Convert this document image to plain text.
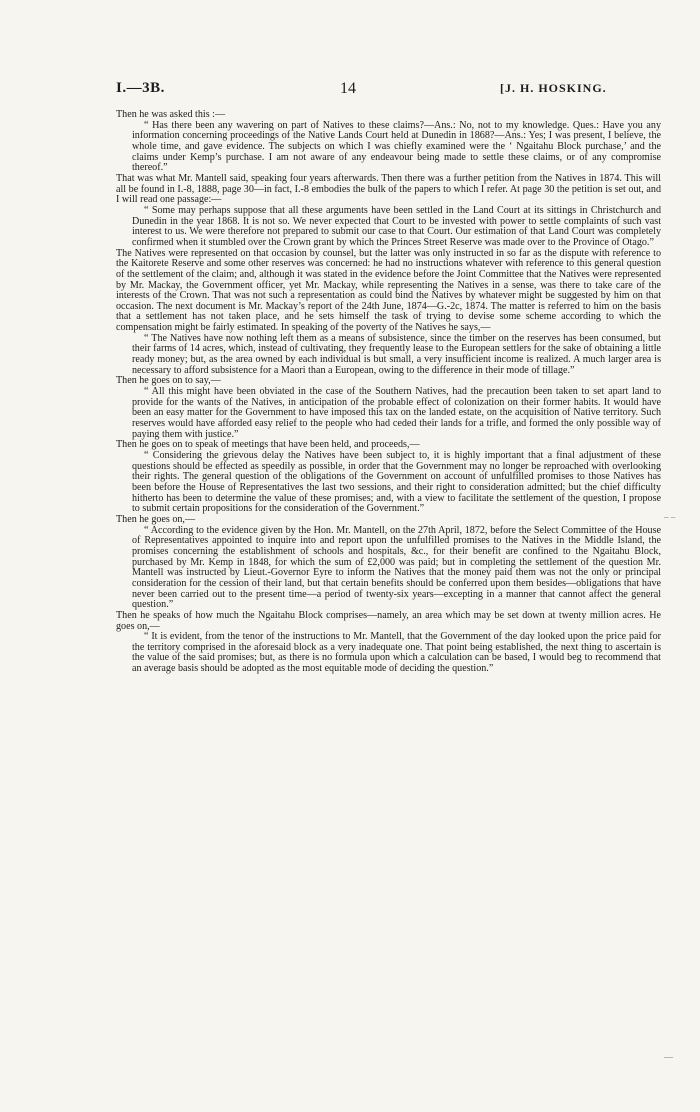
I.—3B.	14	[J. H. HOSKING.

Then he was asked this :—

“ Has there been any wavering on part of Natives to these claims?—Ans.: No, not to my knowledge. Ques.: Have you any information concerning proceedings of the Native Lands Court held at Dunedin in 1868?—Ans.: Yes; I was present, I believe, the whole time, and gave evidence. The subjects on which I was chiefly examined were the ‘ Ngaitahu Block purchase,’ and the claims under Kemp’s purchase. I am not aware of any endeavour being made to settle these claims, or of any compromise thereof.”

That was what Mr. Mantell said, speaking four years afterwards. Then there was a further petition from the Natives in 1874. This will all be found in I.-8, 1888, page 30—in fact, I.-8 embodies the bulk of the papers to which I refer. At page 30 the petition is set out, and I will read one passage:—

“ Some may perhaps suppose that all these arguments have been settled in the Land Court at its sittings in Christchurch and Dunedin in the year 1868. It is not so. We never expected that Court to be invested with power to settle complaints of such vast interest to us. We were therefore not prepared to submit our case to that Court. Our estimation of that Land Court was completely confirmed when it stumbled over the Crown grant by which the Princes Street Reserve was made over to the Province of Otago.”

The Natives were represented on that occasion by counsel, but the latter was only instructed in so far as the dispute with reference to the Kaitorete Reserve and some other reserves was concerned: he had no instructions whatever with reference to this general question of the settlement of the claim; and, although it was stated in the evidence before the Joint Committee that the Natives were represented by Mr. Mackay, the Government officer, yet Mr. Mackay, while representing the Natives in a sense, was there to take care of the interests of the Crown. That was not such a representation as could bind the Natives by whatever might be suggested by him on that occasion. The next document is Mr. Mackay’s report of the 24th June, 1874—G.-2c, 1874. The matter is referred to him on the basis that a settlement has not taken place, and he sets himself the task of trying to devise some scheme according to which the compensation might be fairly estimated. In speaking of the poverty of the Natives he says,—

“ The Natives have now nothing left them as a means of subsistence, since the timber on the reserves has been consumed, but their farms of 14 acres, which, instead of cultivating, they frequently lease to the European settlers for the sake of obtaining a little ready money; but, as the area owned by each individual is but small, a very insufficient income is realized. A much larger area is necessary to afford subsistence for a Maori than a European, owing to the difference in their mode of tillage.”

Then he goes on to say,—

“ All this might have been obviated in the case of the Southern Natives, had the precaution been taken to set apart land to provide for the wants of the Natives, in anticipation of the probable effect of colonization on their former habits. It would have been an easy matter for the Government to have imposed this tax on the landed estate, on the acquisition of Native territory. Such reserves would have afforded easy relief to the people who had ceded their lands for a trifle, and formed the only possible way of paying them with justice.”

Then he goes on to speak of meetings that have been held, and proceeds,—

“ Considering the grievous delay the Natives have been subject to, it is highly important that a final adjustment of these questions should be effected as speedily as possible, in order that the Government may no longer be reproached with overlooking their rights. The general question of the obligations of the Government on account of unfulfilled promises to those Natives has been before the House of Representatives the last two sessions, and their right to consideration admitted; but the chief difficulty hitherto has been to determine the value of these promises; and, with a view to facilitate the settlement of the question, I propose to submit certain propositions for the consideration of the Government.”

Then he goes on,—

“ According to the evidence given by the Hon. Mr. Mantell, on the 27th April, 1872, before the Select Committee of the House of Representatives appointed to inquire into and report upon the unfulfilled promises to the Natives in the Middle Island, the promises concerning the establishment of schools and hospitals, &c., for their benefit are confined to the Ngaitahu Block, purchased by Mr. Kemp in 1848, for which the sum of £2,000 was paid; but in completing the settlement of the question Mr. Mantell was instructed by Lieut.-Governor Eyre to inform the Natives that the money paid them was not the only or principal consideration for the cession of their land, but that certain benefits should be conferred upon them besides—obligations that have never been carried out to the present time—a period of twenty-six years—excepting in a manner that cannot affect the general question.”

Then he speaks of how much the Ngaitahu Block comprises—namely, an area which may be set down at twenty million acres. He goes on,—

“ It is evident, from the tenor of the instructions to Mr. Mantell, that the Government of the day looked upon the price paid for the territory comprised in the aforesaid block as a very inadequate one. That point being established, the next thing to ascertain is the value of the said promises; but, as there is no formula upon which a calculation can be based, I would beg to recommend that an average basis should be adopted as the most equitable mode of deciding the question.”

– –
—
